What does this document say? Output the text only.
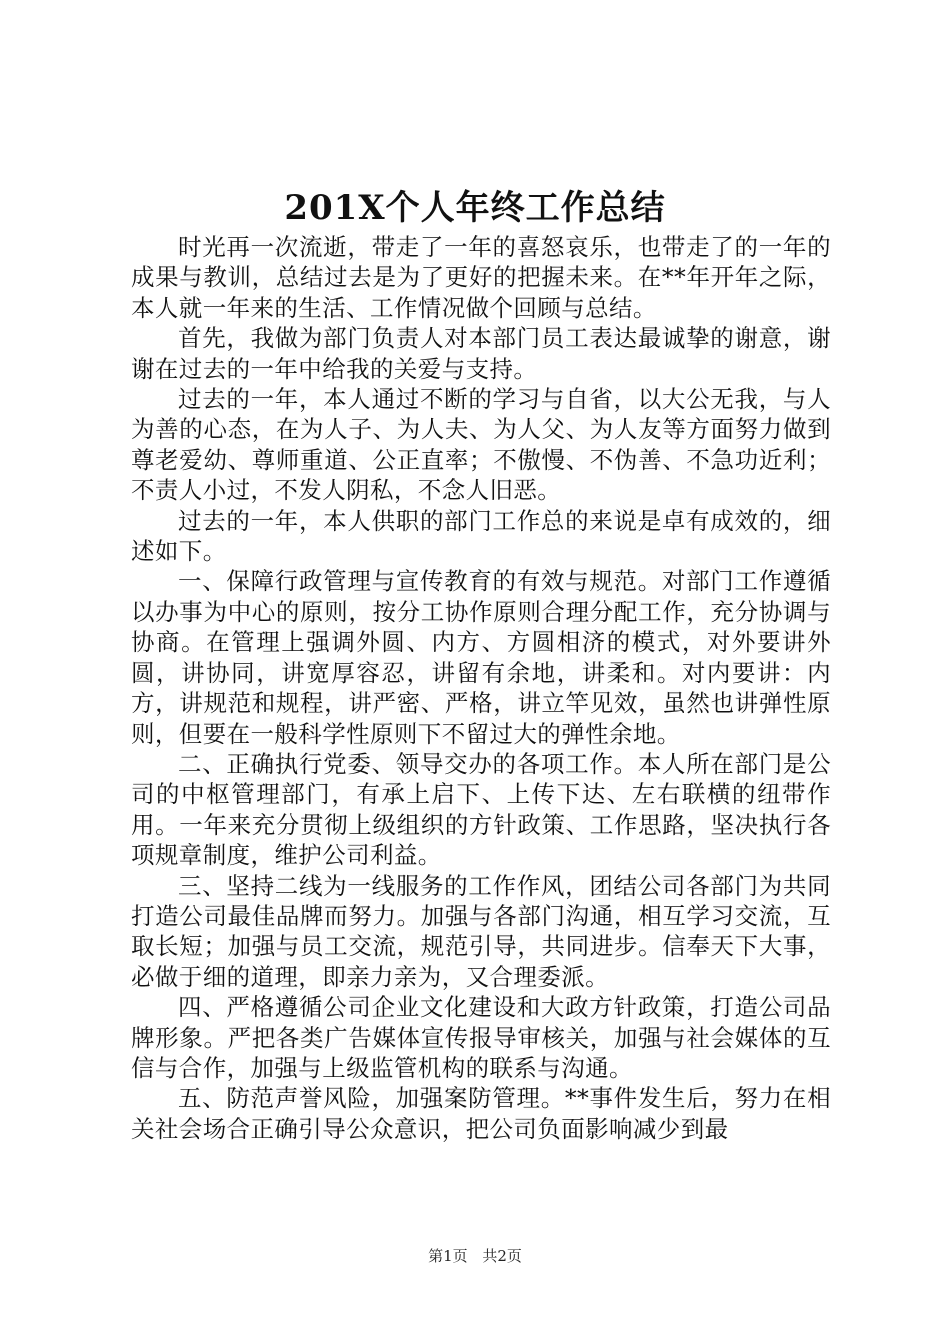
201X个人年终工作总结

时光再一次流逝，带走了一年的喜怒哀乐，也带走了的一年的成果与教训，总结过去是为了更好的把握未来。在**年开年之际，本人就一年来的生活、工作情况做个回顾与总结。

首先，我做为部门负责人对本部门员工表达最诚挚的谢意，谢谢在过去的一年中给我的关爱与支持。

过去的一年，本人通过不断的学习与自省，以大公无我，与人为善的心态，在为人子、为人夫、为人父、为人友等方面努力做到尊老爱幼、尊师重道、公正直率；不傲慢、不伪善、不急功近利；不责人小过，不发人阴私，不念人旧恶。

过去的一年，本人供职的部门工作总的来说是卓有成效的，细述如下。

一、保障行政管理与宣传教育的有效与规范。对部门工作遵循以办事为中心的原则，按分工协作原则合理分配工作，充分协调与协商。在管理上强调外圆、内方、方圆相济的模式，对外要讲外圆，讲协同，讲宽厚容忍，讲留有余地，讲柔和。对内要讲：内方，讲规范和规程，讲严密、严格，讲立竿见效，虽然也讲弹性原则，但要在一般科学性原则下不留过大的弹性余地。

二、正确执行党委、领导交办的各项工作。本人所在部门是公司的中枢管理部门，有承上启下、上传下达、左右联横的纽带作用。一年来充分贯彻上级组织的方针政策、工作思路，坚决执行各项规章制度，维护公司利益。

三、坚持二线为一线服务的工作作风，团结公司各部门为共同打造公司最佳品牌而努力。加强与各部门沟通，相互学习交流，互取长短；加强与员工交流，规范引导，共同进步。信奉天下大事，必做于细的道理，即亲力亲为，又合理委派。

四、严格遵循公司企业文化建设和大政方针政策，打造公司品牌形象。严把各类广告媒体宣传报导审核关，加强与社会媒体的互信与合作，加强与上级监管机构的联系与沟通。

五、防范声誉风险，加强案防管理。**事件发生后，努力在相关社会场合正确引导公众意识，把公司负面影响减少到最

第1页 共2页
